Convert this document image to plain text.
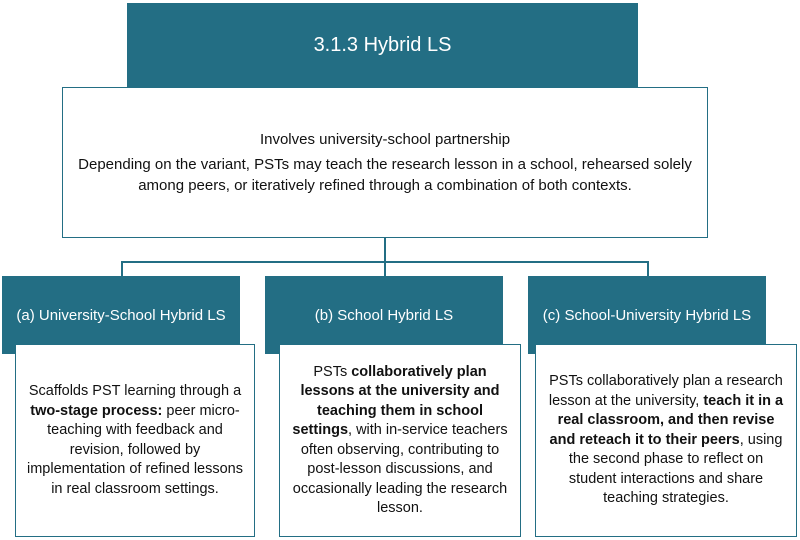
3.1.3 Hybrid LS
Involves university-school partnership
Depending on the variant, PSTs may teach the research lesson in a school, rehearsed solely among peers, or iteratively refined through a combination of both contexts.
(a) University-School Hybrid LS	(b) School Hybrid LS	(c) School-University Hybrid LS

Scaffolds PST learning through a two-stage process: peer micro-teaching with feedback and revision, followed by implementation of refined lessons in real classroom settings.

PSTs collaboratively plan lessons at the university and teaching them in school settings, with in-service teachers often observing, contributing to post-lesson discussions, and occasionally leading the research lesson.

PSTs collaboratively plan a research lesson at the university, teach it in a real classroom, and then revise and reteach it to their peers, using the second phase to reflect on student interactions and share teaching strategies.
